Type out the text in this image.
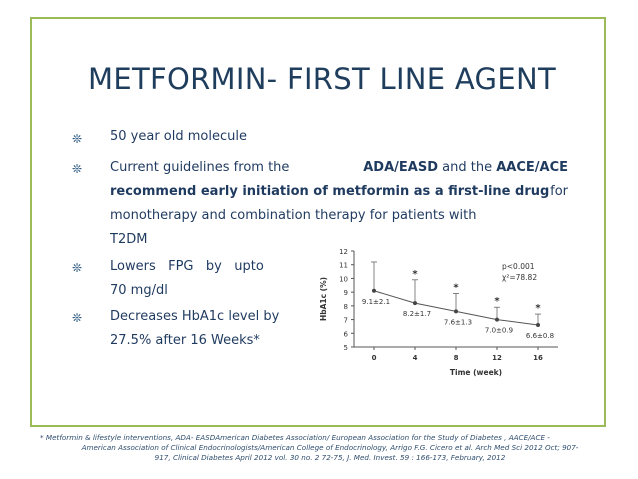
METFORMIN- FIRST LINE AGENT
❊	50 year old molecule
❊	Current guidelines from the	ADA/EASD and the AACE/ACE
recommend early initiation of metformin as a first-line drug for
monotherapy and combination therapy for patients with
T2DM
❊	Lowers   FPG   by   upto
70 mg/dl
❊	Decreases HbA1c level by
27.5% after 16 Weeks*	5
6
7
8
9
10
11
12
0	4	8	12	16
Time (week)
HbA1c (%)	9.1±2.1
8.2±1.7
*
7.6±1.3
*
7.0±0.9
*
6.6±0.8
*
p<0.001
χ²=78.82
* Metformin & lifestyle interventions, ADA- EASDAmerican Diabetes Association/ European Association for the Study of Diabetes , AACE/ACE -
American Association of Clinical Endocrinologists/American College of Endocrinology, Arrigo F.G. Cicero et al. Arch Med Sci 2012 Oct; 907-
917, Clinical Diabetes April 2012 vol. 30 no. 2 72-75, J. Med. Invest. 59 : 166-173, February, 2012
